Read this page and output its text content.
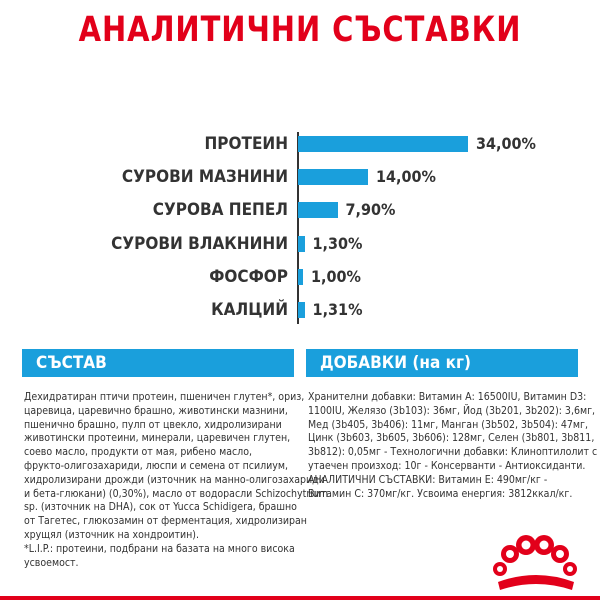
АНАЛИТИЧНИ СЪСТАВКИ
ПРОТЕИН	34,00%
СУРОВИ МАЗНИНИ	14,00%
СУРОВА ПЕПЕЛ	7,90%
СУРОВИ ВЛАКНИНИ 1,30%
ФОСФОР 1,00%
КАЛЦИЙ 1,31%
СЪСТАВ	ДОБАВКИ (на кг)
Дехидратиран птичи протеин, пшеничен глутен*, ориз,
царевица, царевично брашно, животински мазнини,
пшенично брашно, пулп от цвекло, хидролизирани
животински протеини, минерали, царевичен глутен,
соево масло, продукти от мая, рибено масло,
фрукто-олигозахариди, люспи и семена от псилиум,
хидролизирани дрожди (източник на манно-олигозахариди
и бета-глюкани) (0,30%), масло от водорасли Schizochytrium
sp. (източник на DHA), сок от Yucca Schidigera, брашно
от Тагетес, глюкозамин от ферментация, хидролизиран
хрущял (източник на хондроитин).
*L.I.P.: протеини, подбрани на базата на много висока
усвоемост.
Хранителни добавки: Витамин А: 16500IU, Витамин D3:
1100IU, Желязо (3b103): 36мг, Йод (3b201, 3b202): 3,6мг,
Мед (3b405, 3b406): 11мг, Манган (3b502, 3b504): 47мг,
Цинк (3b603, 3b605, 3b606): 128мг, Селен (3b801, 3b811,
3b812): 0,05мг - Технологични добавки: Клиноптилолит с
утаечен произход: 10г - Консерванти - Антиоксиданти.
АНАЛИТИЧНИ СЪСТАВКИ: Витамин Е: 490мг/кг -
Витамин С: 370мг/кг. Усвоима енергия: 3812ккал/кг.
